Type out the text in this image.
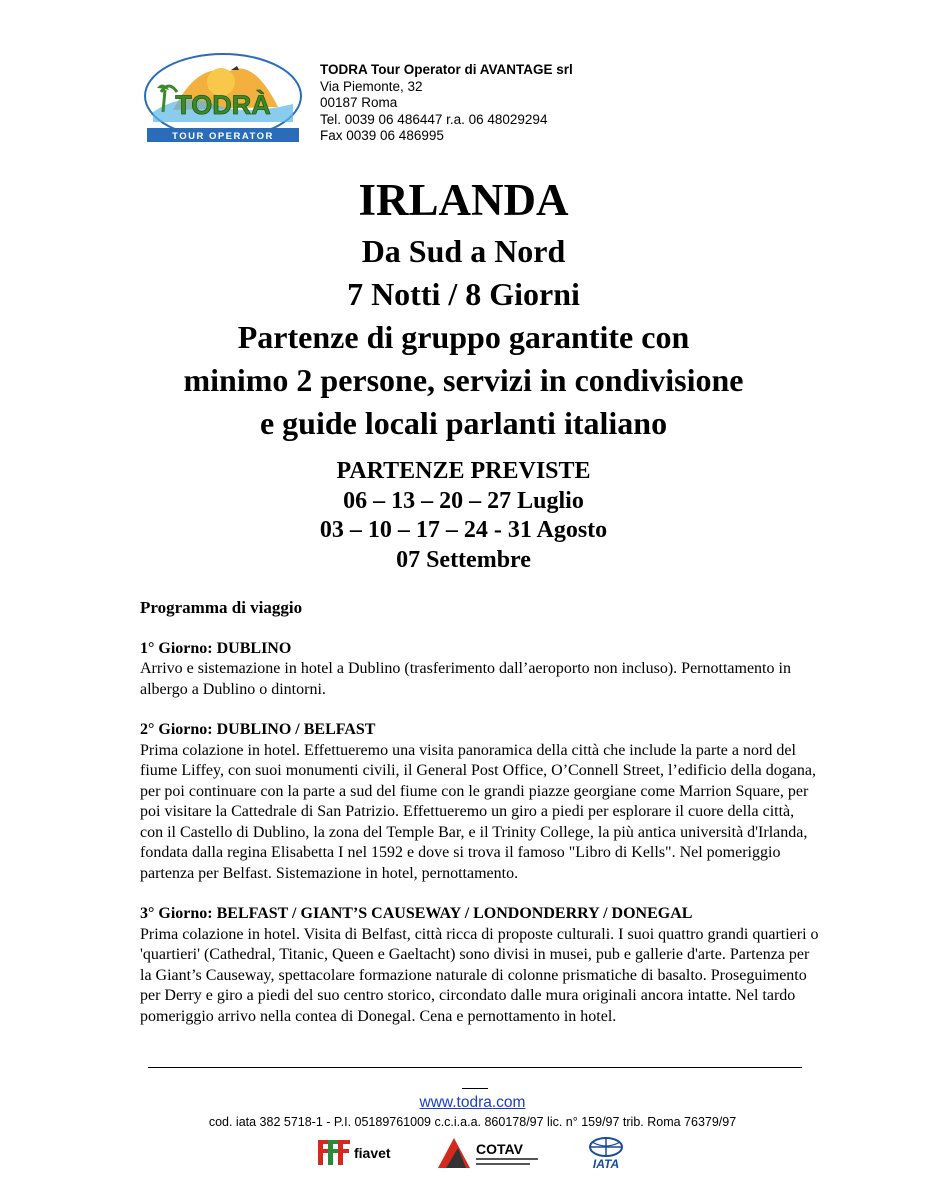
TODRÀ
TOUR OPERATOR
TODRA Tour Operator di AVANTAGE srl
Via Piemonte, 32
00187 Roma
Tel. 0039 06 486447 r.a. 06 48029294
Fax 0039 06 486995
IRLANDA
Da Sud a Nord
7 Notti / 8 Giorni
Partenze di gruppo garantite con
minimo 2 persone, servizi in condivisione
e guide locali parlanti italiano
PARTENZE PREVISTE
06 – 13 – 20 – 27 Luglio
03 – 10 – 17 – 24 - 31 Agosto
07 Settembre
Programma di viaggio
1° Giorno: DUBLINO
Arrivo e sistemazione in hotel a Dublino (trasferimento dall’aeroporto non incluso). Pernottamento in albergo a Dublino o dintorni.
2° Giorno: DUBLINO / BELFAST
Prima colazione in hotel. Effettueremo una visita panoramica della città che include la parte a nord del fiume Liffey, con suoi monumenti civili, il General Post Office, O’Connell Street, l’edificio della dogana, per poi continuare con la parte a sud del fiume con le grandi piazze georgiane come Marrion Square, per poi visitare la Cattedrale di San Patrizio. Effettueremo un giro a piedi per esplorare il cuore della città, con il Castello di Dublino, la zona del Temple Bar, e il Trinity College, la più antica università d'Irlanda, fondata dalla regina Elisabetta I nel 1592 e dove si trova il famoso "Libro di Kells". Nel pomeriggio partenza per Belfast. Sistemazione in hotel, pernottamento.
3° Giorno: BELFAST / GIANT’S CAUSEWAY / LONDONDERRY / DONEGAL
Prima colazione in hotel. Visita di Belfast, città ricca di proposte culturali. I suoi quattro grandi quartieri o 'quartieri' (Cathedral, Titanic, Queen e Gaeltacht) sono divisi in musei, pub e gallerie d'arte. Partenza per la Giant’s Causeway, spettacolare formazione naturale di colonne prismatiche di basalto. Proseguimento per Derry e giro a piedi del suo centro storico, circondato dalle mura originali ancora intatte. Nel tardo pomeriggio arrivo nella contea di Donegal. Cena e pernottamento in hotel.
www.todra.com
cod. iata 382 5718-1 - P.I. 05189761009 c.c.i.a.a. 860178/97 lic. n° 159/97 trib. Roma 76379/97
fiavet	COTAV
IATA
